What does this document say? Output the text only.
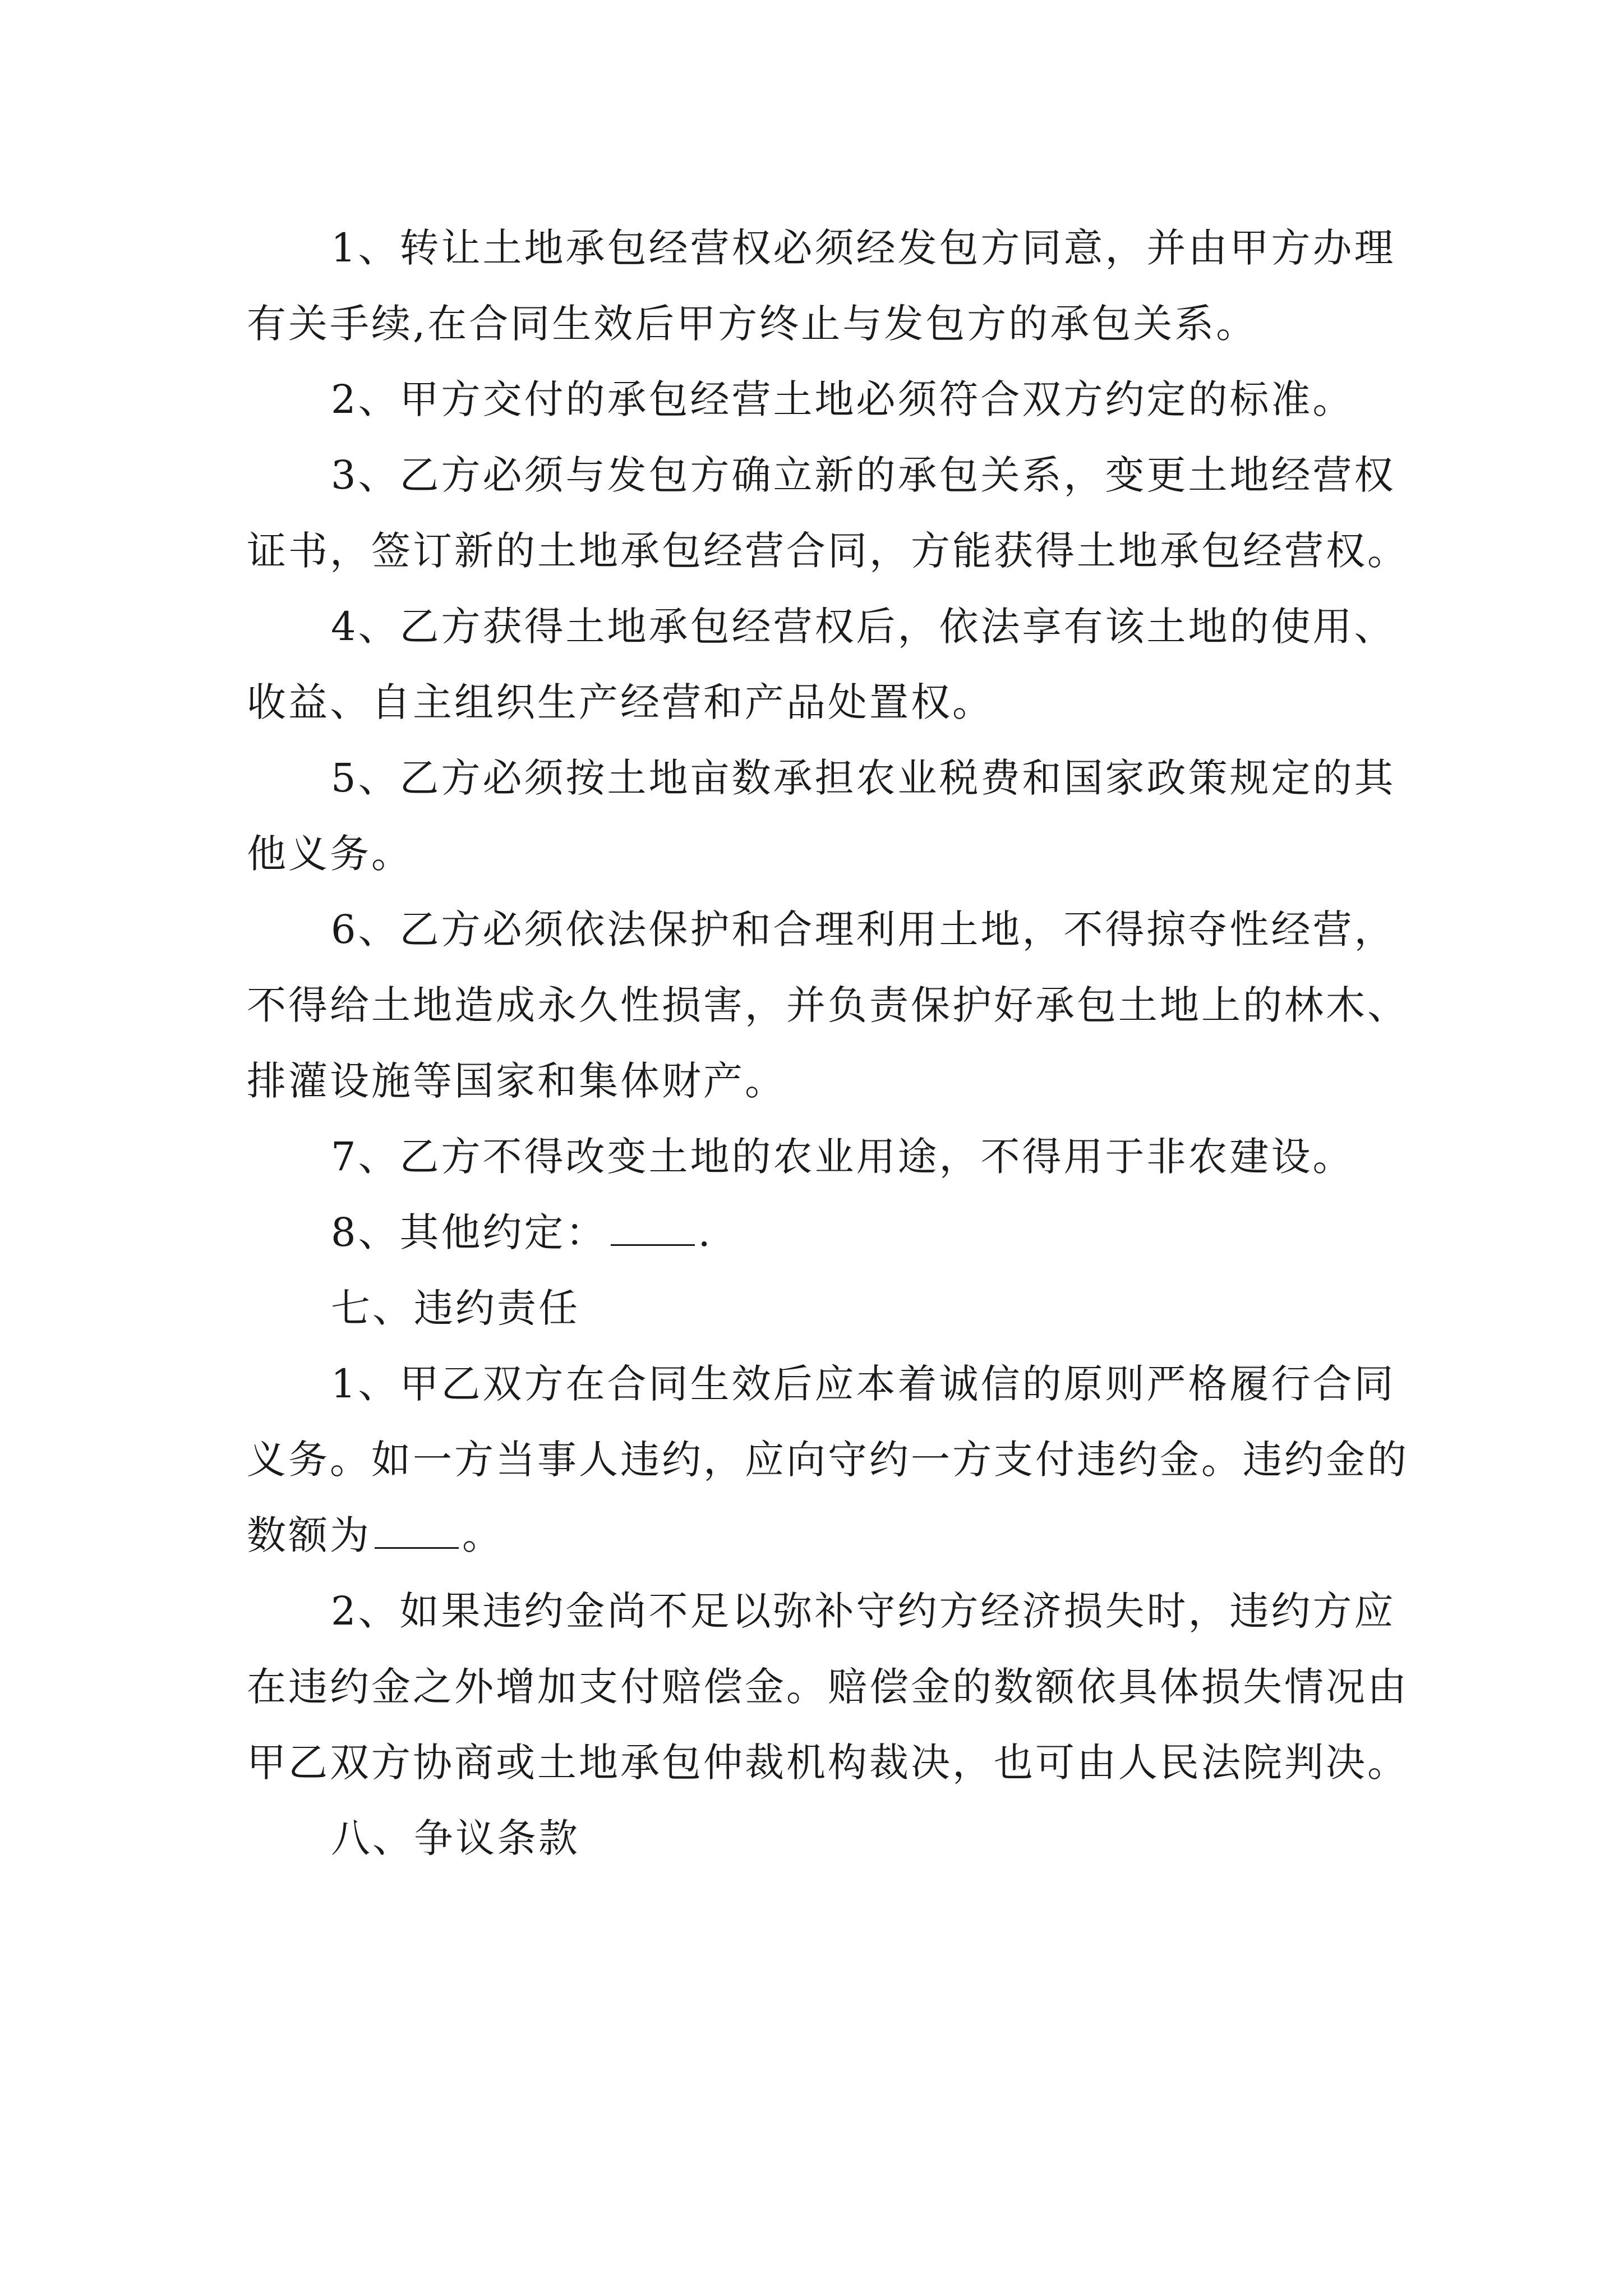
1、转让土地承包经营权必须经发包方同意，并由甲方办理有关手续,在合同生效后甲方终止与发包方的承包关系。

2、甲方交付的承包经营土地必须符合双方约定的标准。

3、乙方必须与发包方确立新的承包关系，变更土地经营权证书，签订新的土地承包经营合同，方能获得土地承包经营权。

4、乙方获得土地承包经营权后，依法享有该土地的使用、收益、自主组织生产经营和产品处置权。

5、乙方必须按土地亩数承担农业税费和国家政策规定的其他义务。

6、乙方必须依法保护和合理利用土地，不得掠夺性经营，不得给土地造成永久性损害，并负责保护好承包土地上的林木、排灌设施等国家和集体财产。

7、乙方不得改变土地的农业用途，不得用于非农建设。

8、其他约定： .

七、违约责任

1、甲乙双方在合同生效后应本着诚信的原则严格履行合同义务。如一方当事人违约，应向守约一方支付违约金。违约金的数额为 。

2、如果违约金尚不足以弥补守约方经济损失时，违约方应在违约金之外增加支付赔偿金。赔偿金的数额依具体损失情况由甲乙双方协商或土地承包仲裁机构裁决，也可由人民法院判决。

八、争议条款
